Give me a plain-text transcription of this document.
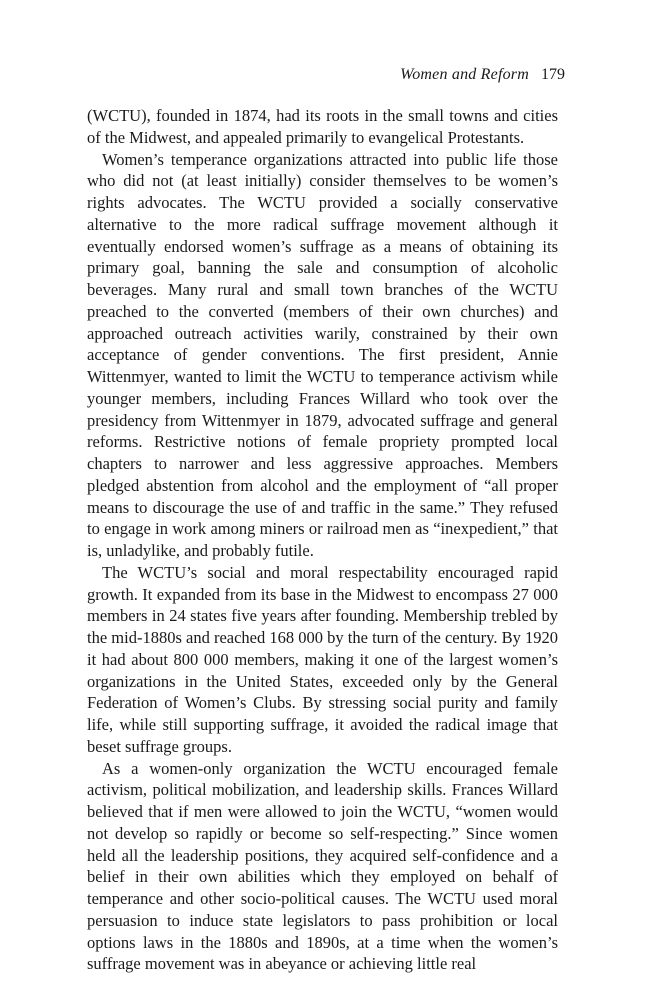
Women and Reform 179

(WCTU), founded in 1874, had its roots in the small towns and cities of the Midwest, and appealed primarily to evangelical Protestants.

Women’s temperance organizations attracted into public life those who did not (at least initially) consider themselves to be women’s rights advocates. The WCTU provided a socially conservative alternative to the more radical suffrage movement although it eventually endorsed women’s suffrage as a means of obtaining its primary goal, banning the sale and consumption of alcoholic beverages. Many rural and small town branches of the WCTU preached to the converted (members of their own churches) and approached outreach activities warily, constrained by their own acceptance of gender conventions. The first president, Annie Wittenmyer, wanted to limit the WCTU to temperance activism while younger members, including Frances Willard who took over the presidency from Wittenmyer in 1879, advocated suffrage and general reforms. Restrictive notions of female propriety prompted local chapters to narrower and less aggressive approaches. Members pledged abstention from alcohol and the employment of “all proper means to discourage the use of and traffic in the same.” They refused to engage in work among miners or railroad men as “inexpedient,” that is, unladylike, and probably futile.

The WCTU’s social and moral respectability encouraged rapid growth. It expanded from its base in the Midwest to encompass 27 000 members in 24 states five years after founding. Membership trebled by the mid-1880s and reached 168 000 by the turn of the century. By 1920 it had about 800 000 members, making it one of the largest women’s organizations in the United States, exceeded only by the General Federation of Women’s Clubs. By stressing social purity and family life, while still supporting suffrage, it avoided the radical image that beset suffrage groups.

As a women-only organization the WCTU encouraged female activism, political mobilization, and leadership skills. Frances Willard believed that if men were allowed to join the WCTU, “women would not develop so rapidly or become so self-respecting.” Since women held all the leadership positions, they acquired self-confidence and a belief in their own abilities which they employed on behalf of temperance and other socio-political causes. The WCTU used moral persuasion to induce state legislators to pass prohibition or local options laws in the 1880s and 1890s, at a time when the women’s suffrage movement was in abeyance or achieving little real
